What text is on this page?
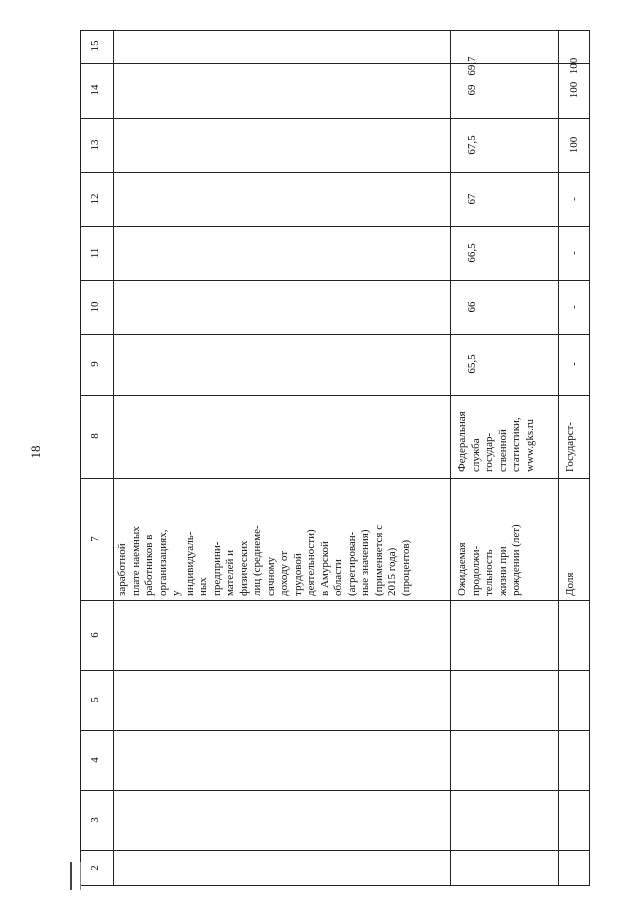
18
15
14
13
12
11
10
9
8
7
6
5
4
3
2
заработной
плате наемных
работников в
организациях,
у
индивидуаль-
ных
предприни-
мателей и
физических
лиц (среднеме-
сячному
доходу от
трудовой
деятельности)
в Амурской
области
(агрегирован-
ные значения)
(применяется с
2015 года)
(процентов)	Ожидаемая
продолжи-
тельность
жизни при
рождении (лет)
Федеральная
служба
государ-
ственной
статистики,
www.gks.ru
65,5
66
66,5
67
67,5
69
69,7
Доля
Государст-
-
-
-
-
100
100
100
